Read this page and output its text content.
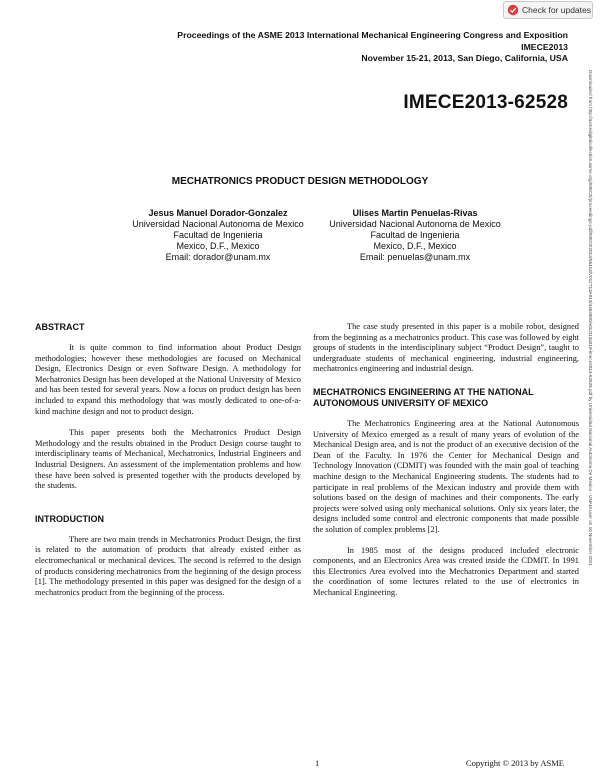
Check for updates
Proceedings of the ASME 2013 International Mechanical Engineering Congress and Exposition
IMECE2013
November 15-21, 2013, San Diego, California, USA
IMECE2013-62528
MECHATRONICS PRODUCT DESIGN METHODOLOGY
Jesus Manuel Dorador-Gonzalez
Universidad Nacional Autonoma de Mexico
Facultad de Ingenieria
Mexico, D.F., Mexico
Email: dorador@unam.mx
Ulises Martin Penuelas-Rivas
Universidad Nacional Autonoma de Mexico
Facultad de Ingenieria
Mexico, D.F., Mexico
Email: penuelas@unam.mx
ABSTRACT

It is quite common to find information about Product Design methodologies; however these methodologies are focused on Mechanical Design, Electronics Design or even Software Design. A methodology for Mechatronics Design has been developed at the National University of Mexico and has been tested for several years. Now a focus on product design has been included to expand this methodology that was mostly dedicated to one-of-a-kind machine design and not to product design.

This paper presents both the Mechatronics Product Design Methodology and the results obtained in the Product Design course taught to interdisciplinary teams of Mechanical, Mechatronics, Industrial Engineers and Industrial Designers. An assessment of the implementation problems and how these have been solved is presented together with the products developed by the students.

INTRODUCTION

There are two main trends in Mechatronics Product Design, the first is related to the automation of products that already existed either as electromechanical or mechanical devices. The second is referred to the design of products considering mechatronics from the beginning of the design process [1]. The methodology presented in this paper was designed for the design of a mechatronics product from the beginning of the process.

The case study presented in this paper is a mobile robot, designed from the beginning as a mechatronics product. This case was followed by eight groups of students in the interdisciplinary subject “Product Design”, taught to undergraduate students of mechanical engineering, industrial engineering, mechatronics engineering and industrial design.

MECHATRONICS ENGINEERING AT THE NATIONAL AUTONOMOUS UNIVERSITY OF MEXICO

The Mechatronics Engineering area at the National Autonomous University of Mexico emerged as a result of many years of evolution of the Mechanical Design area, and is not the product of an executive decision of the Dean of the Faculty. In 1976 the Center for Mechanical Design and Technology Innovation (CDMIT) was founded with the main goal of teaching machine design to the Mechanical Engineering students. The students had to participate in real problems of the Mexican industry and provide them with solutions based on the design of machines and their components. The early projects were solved using only mechanical solutions. Only six years later, the designs included some control and electronic components that made possible the solution of complex problems [2].

In 1985 most of the designs produced included electronic components, and an Electronics Area was created inside the CDMIT. In 1991 this Electronics Area evolved into the Mechatronics Department and started the coordination of some lectures related to the use of electronics in Mechanical Engineering.

Downloaded from http://asmedigitalcollection.asme.org/IMECE/proceedings-pdf/IMECE2013/56413/V012T13A019/4462800/v012t13a019-imece2013-62528.pdf by Universidad Nacional Autonoma De Mexico - UNAM user on 10 November 2021
1	Copyright © 2013 by ASME
